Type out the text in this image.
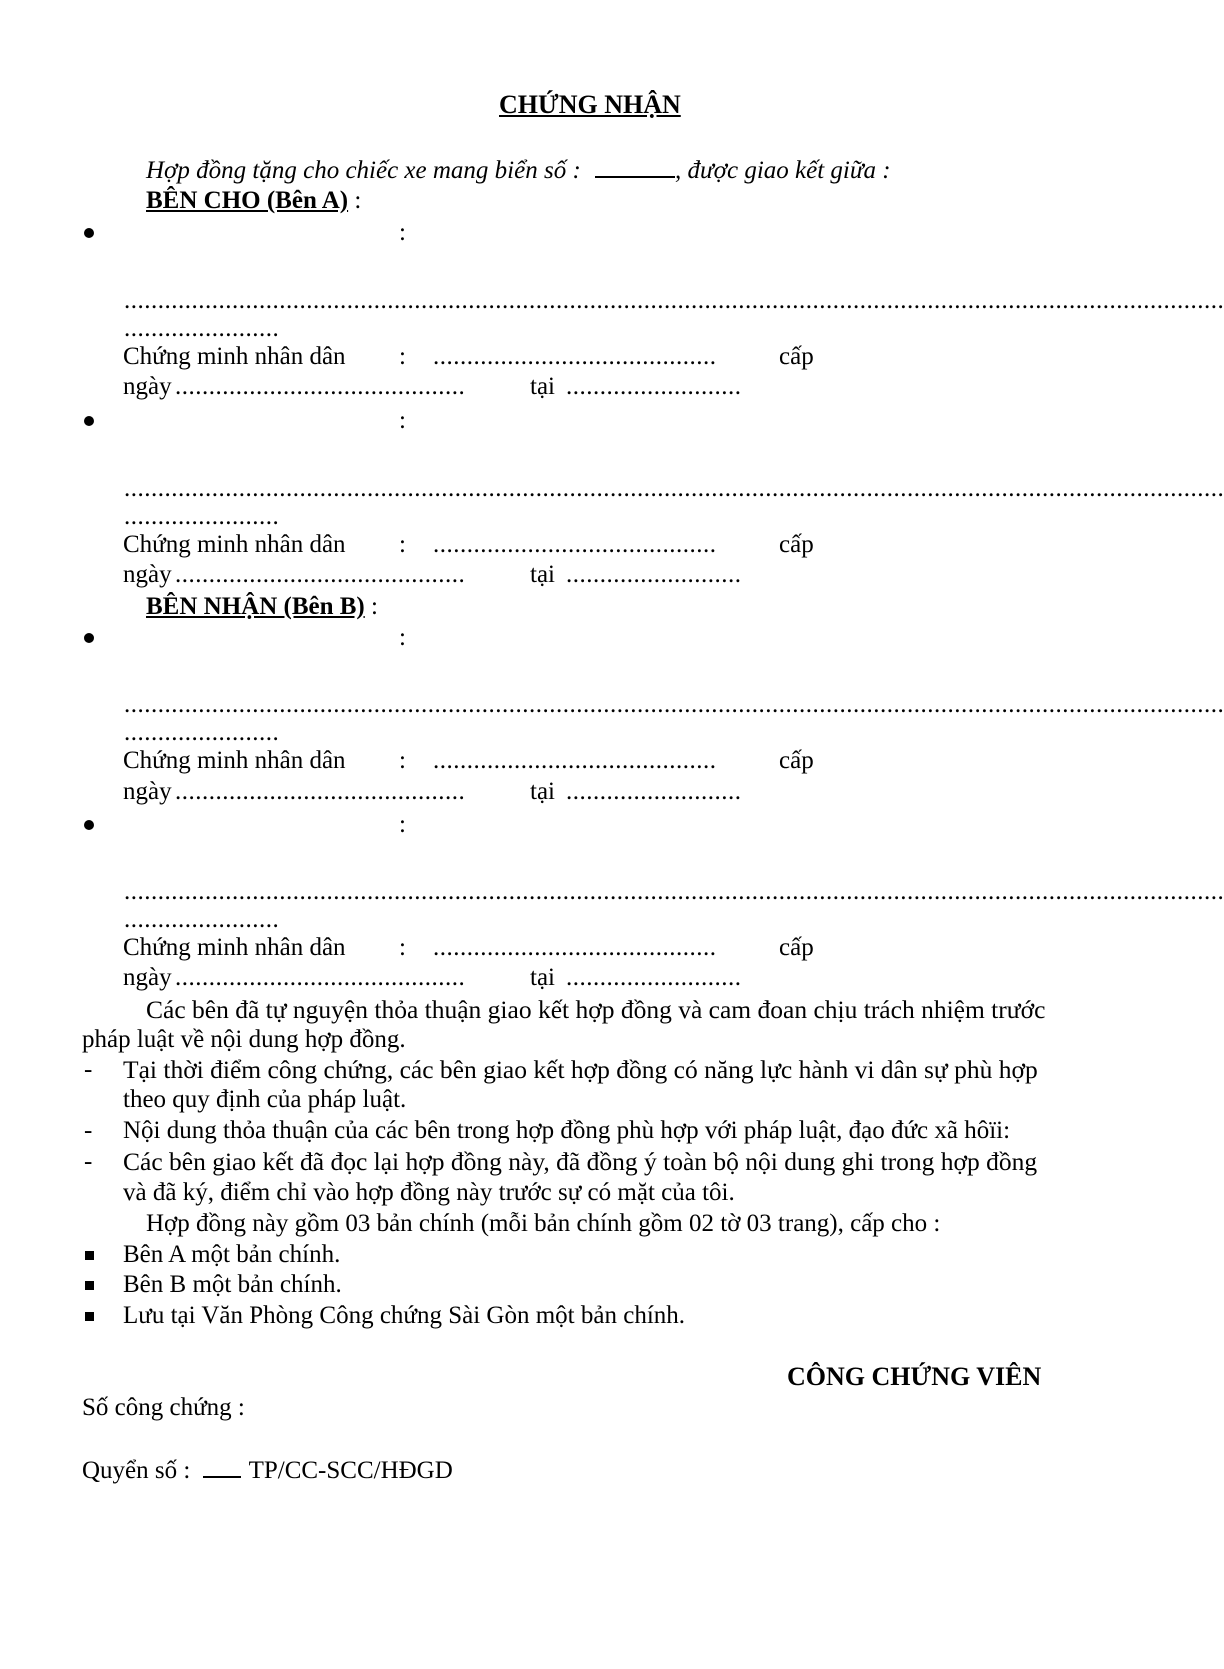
CHỨNG NHẬN
Hợp đồng tặng cho chiếc xe mang biển số :	, được giao kết giữa :
BÊN CHO (Bên A) :
:
...................................................................................................................................................................
.......................
Chứng minh nhân dân : ..........................................	cấp
ngày ...........................................	tại ..........................
:
...................................................................................................................................................................
.......................
Chứng minh nhân dân : ..........................................	cấp
ngày ...........................................	tại ..........................
BÊN NHẬN (Bên B) :
:
...................................................................................................................................................................
.......................
Chứng minh nhân dân : ..........................................	cấp
ngày ...........................................	tại ..........................
:
...................................................................................................................................................................
.......................
Chứng minh nhân dân : ..........................................	cấp
ngày ...........................................	tại ..........................
Các bên đã tự nguyện thỏa thuận giao kết hợp đồng và cam đoan chịu trách nhiệm trước
pháp luật về nội dung hợp đồng.
- Tại thời điểm công chứng, các bên giao kết hợp đồng có năng lực hành vi dân sự phù hợp
theo quy định của pháp luật.
- Nội dung thỏa thuận của các bên trong hợp đồng phù hợp với pháp luật, đạo đức xã hôïi:
- Các bên giao kết đã đọc lại hợp đồng này, đã đồng ý toàn bộ nội dung ghi trong hợp đồng
và đã ký, điểm chỉ vào hợp đồng này trước sự có mặt của tôi.
Hợp đồng này gồm 03 bản chính (mỗi bản chính gồm 02 tờ 03 trang), cấp cho :
Bên A một bản chính.
Bên B một bản chính.
Lưu tại Văn Phòng Công chứng Sài Gòn một bản chính.
CÔNG CHỨNG VIÊN
Số công chứng :
Quyển số : TP/CC-SCC/HĐGD
